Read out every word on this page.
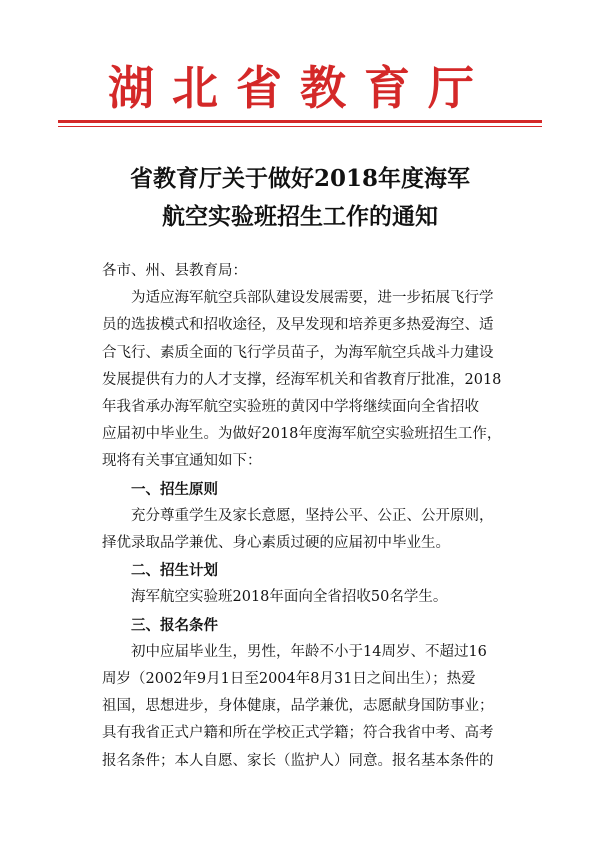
湖北省教育厅
省教育厅关于做好2018年度海军
航空实验班招生工作的通知
各市、州、县教育局：
为适应海军航空兵部队建设发展需要，进一步拓展飞行学
员的选拔模式和招收途径，及早发现和培养更多热爱海空、适
合飞行、素质全面的飞行学员苗子，为海军航空兵战斗力建设
发展提供有力的人才支撑，经海军机关和省教育厅批准，2018
年我省承办海军航空实验班的黄冈中学将继续面向全省招收
应届初中毕业生。为做好2018年度海军航空实验班招生工作，
现将有关事宜通知如下：
一、招生原则
充分尊重学生及家长意愿，坚持公平、公正、公开原则，
择优录取品学兼优、身心素质过硬的应届初中毕业生。
二、招生计划
海军航空实验班2018年面向全省招收50名学生。
三、报名条件
初中应届毕业生，男性，年龄不小于14周岁、不超过16
周岁（2002年9月1日至2004年8月31日之间出生）；热爱
祖国，思想进步，身体健康，品学兼优，志愿献身国防事业；
具有我省正式户籍和所在学校正式学籍；符合我省中考、高考
报名条件；本人自愿、家长（监护人）同意。报名基本条件的
